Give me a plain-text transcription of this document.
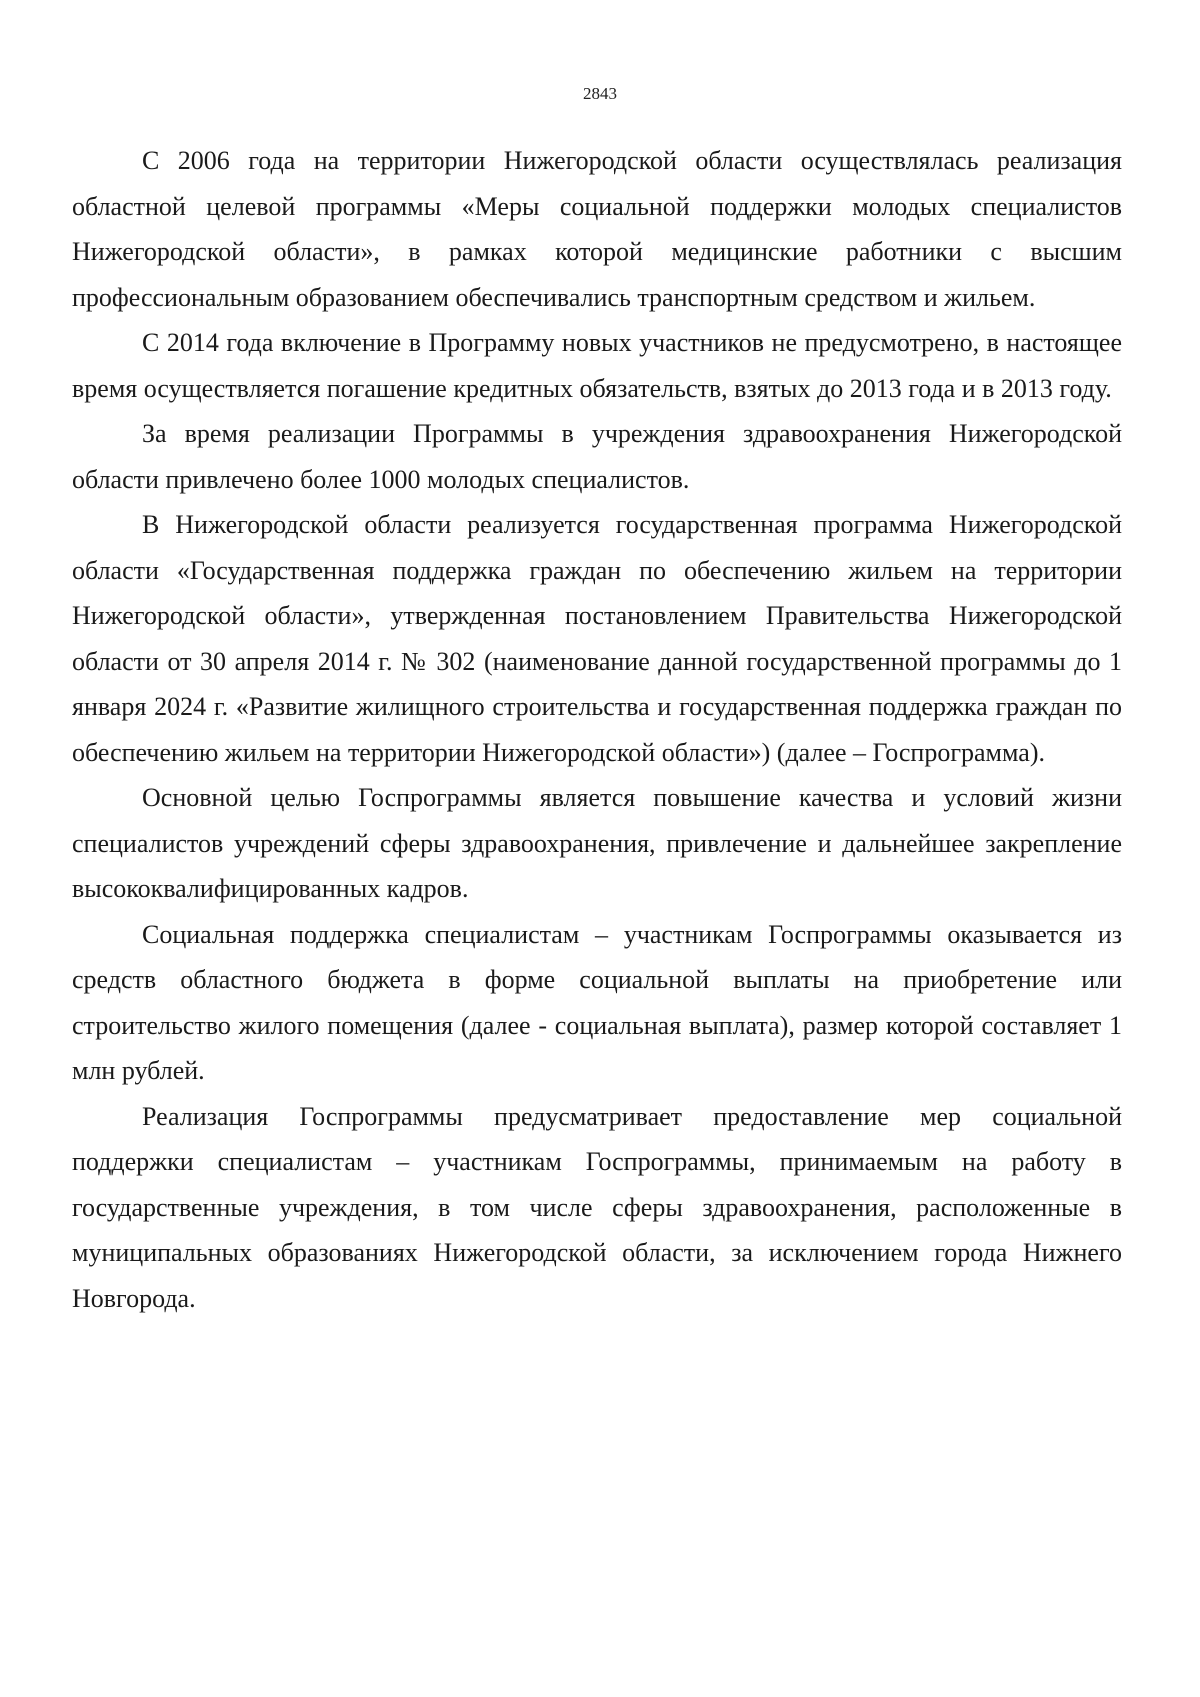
2843

С 2006 года на территории Нижегородской области осуществлялась реализация областной целевой программы «Меры социальной поддержки молодых специалистов Нижегородской области», в рамках которой медицинские работники с высшим профессиональным образованием обеспечивались транспортным средством и жильем.

С 2014 года включение в Программу новых участников не предусмотрено, в настоящее время осуществляется погашение кредитных обязательств, взятых до 2013 года и в 2013 году.

За время реализации Программы в учреждения здравоохранения Нижегородской области привлечено более 1000 молодых специалистов.

В Нижегородской области реализуется государственная программа Нижегородской области «Государственная поддержка граждан по обеспечению жильем на территории Нижегородской области», утвержденная постановлением Правительства Нижегородской области от 30 апреля 2014 г. № 302 (наименование данной государственной программы до 1 января 2024 г. «Развитие жилищного строительства и государственная поддержка граждан по обеспечению жильем на территории Нижегородской области») (далее – Госпрограмма).

Основной целью Госпрограммы является повышение качества и условий жизни специалистов учреждений сферы здравоохранения, привлечение и дальнейшее закрепление высококвалифицированных кадров.

Социальная поддержка специалистам – участникам Госпрограммы оказывается из средств областного бюджета в форме социальной выплаты на приобретение или строительство жилого помещения (далее - социальная выплата), размер которой составляет 1 млн рублей.

Реализация Госпрограммы предусматривает предоставление мер социальной поддержки специалистам – участникам Госпрограммы, принимаемым на работу в государственные учреждения, в том числе сферы здравоохранения, расположенные в муниципальных образованиях Нижегородской области, за исключением города Нижнего Новгорода.
